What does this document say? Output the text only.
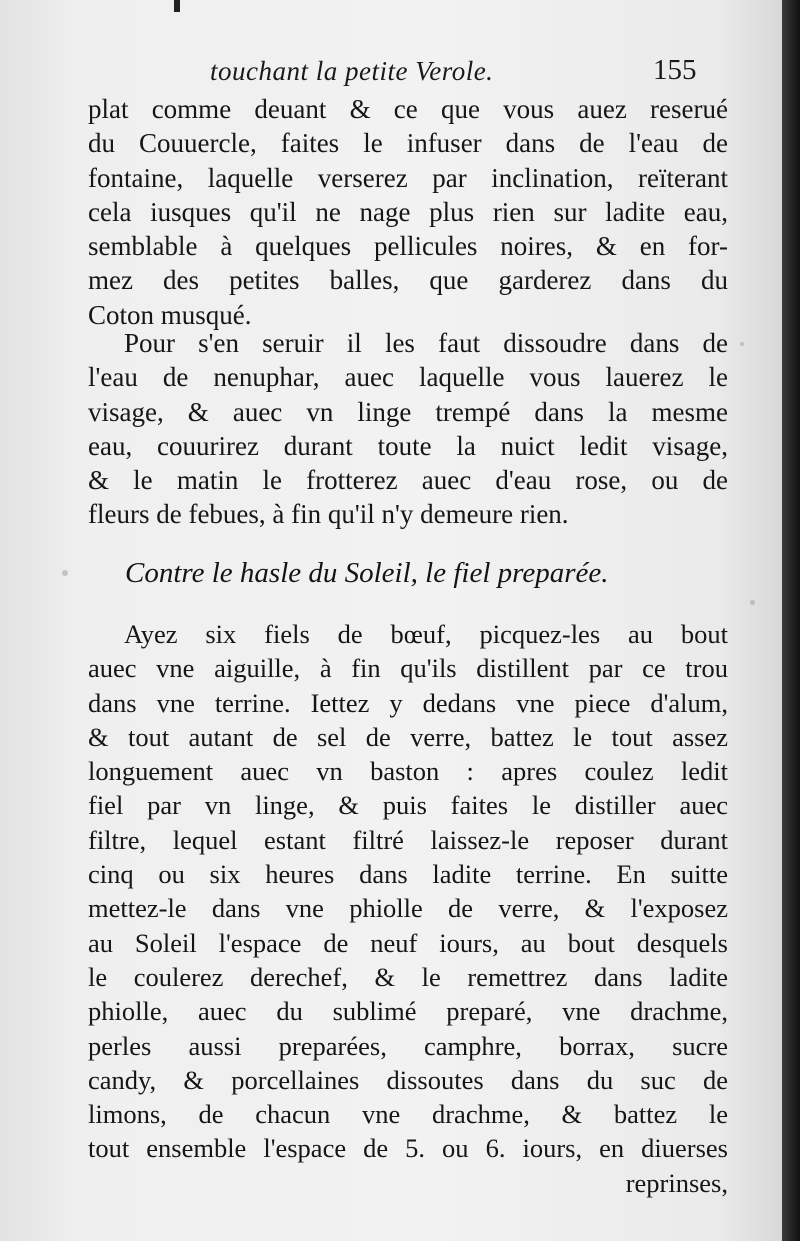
touchant la petite Verole.	155
plat comme deuant & ce que vous auez reserué
du Couuercle, faites le infuser dans de l'eau de
fontaine, laquelle verserez par inclination, reïterant
cela iusques qu'il ne nage plus rien sur ladite eau,
semblable à quelques pellicules noires, & en for-
mez des petites balles, que garderez dans du
Coton musqué.
Pour s'en seruir il les faut dissoudre dans de
l'eau de nenuphar, auec laquelle vous lauerez le
visage, & auec vn linge trempé dans la mesme
eau, couurirez durant toute la nuict ledit visage,
& le matin le frotterez auec d'eau rose, ou de
fleurs de febues, à fin qu'il n'y demeure rien.
Contre le hasle du Soleil, le fiel preparée.
Ayez six fiels de bœuf, picquez-les au bout
auec vne aiguille, à fin qu'ils distillent par ce trou
dans vne terrine. Iettez y dedans vne piece d'alum,
& tout autant de sel de verre, battez le tout assez
longuement auec vn baston : apres coulez ledit
fiel par vn linge, & puis faites le distiller auec
filtre, lequel estant filtré laissez-le reposer durant
cinq ou six heures dans ladite terrine. En suitte
mettez-le dans vne phiolle de verre, & l'exposez
au Soleil l'espace de neuf iours, au bout desquels
le coulerez derechef, & le remettrez dans ladite
phiolle, auec du sublimé preparé, vne drachme,
perles aussi preparées, camphre, borrax, sucre
candy, & porcellaines dissoutes dans du suc de
limons, de chacun vne drachme, & battez le
tout ensemble l'espace de 5. ou 6. iours, en diuerses
reprinses,
